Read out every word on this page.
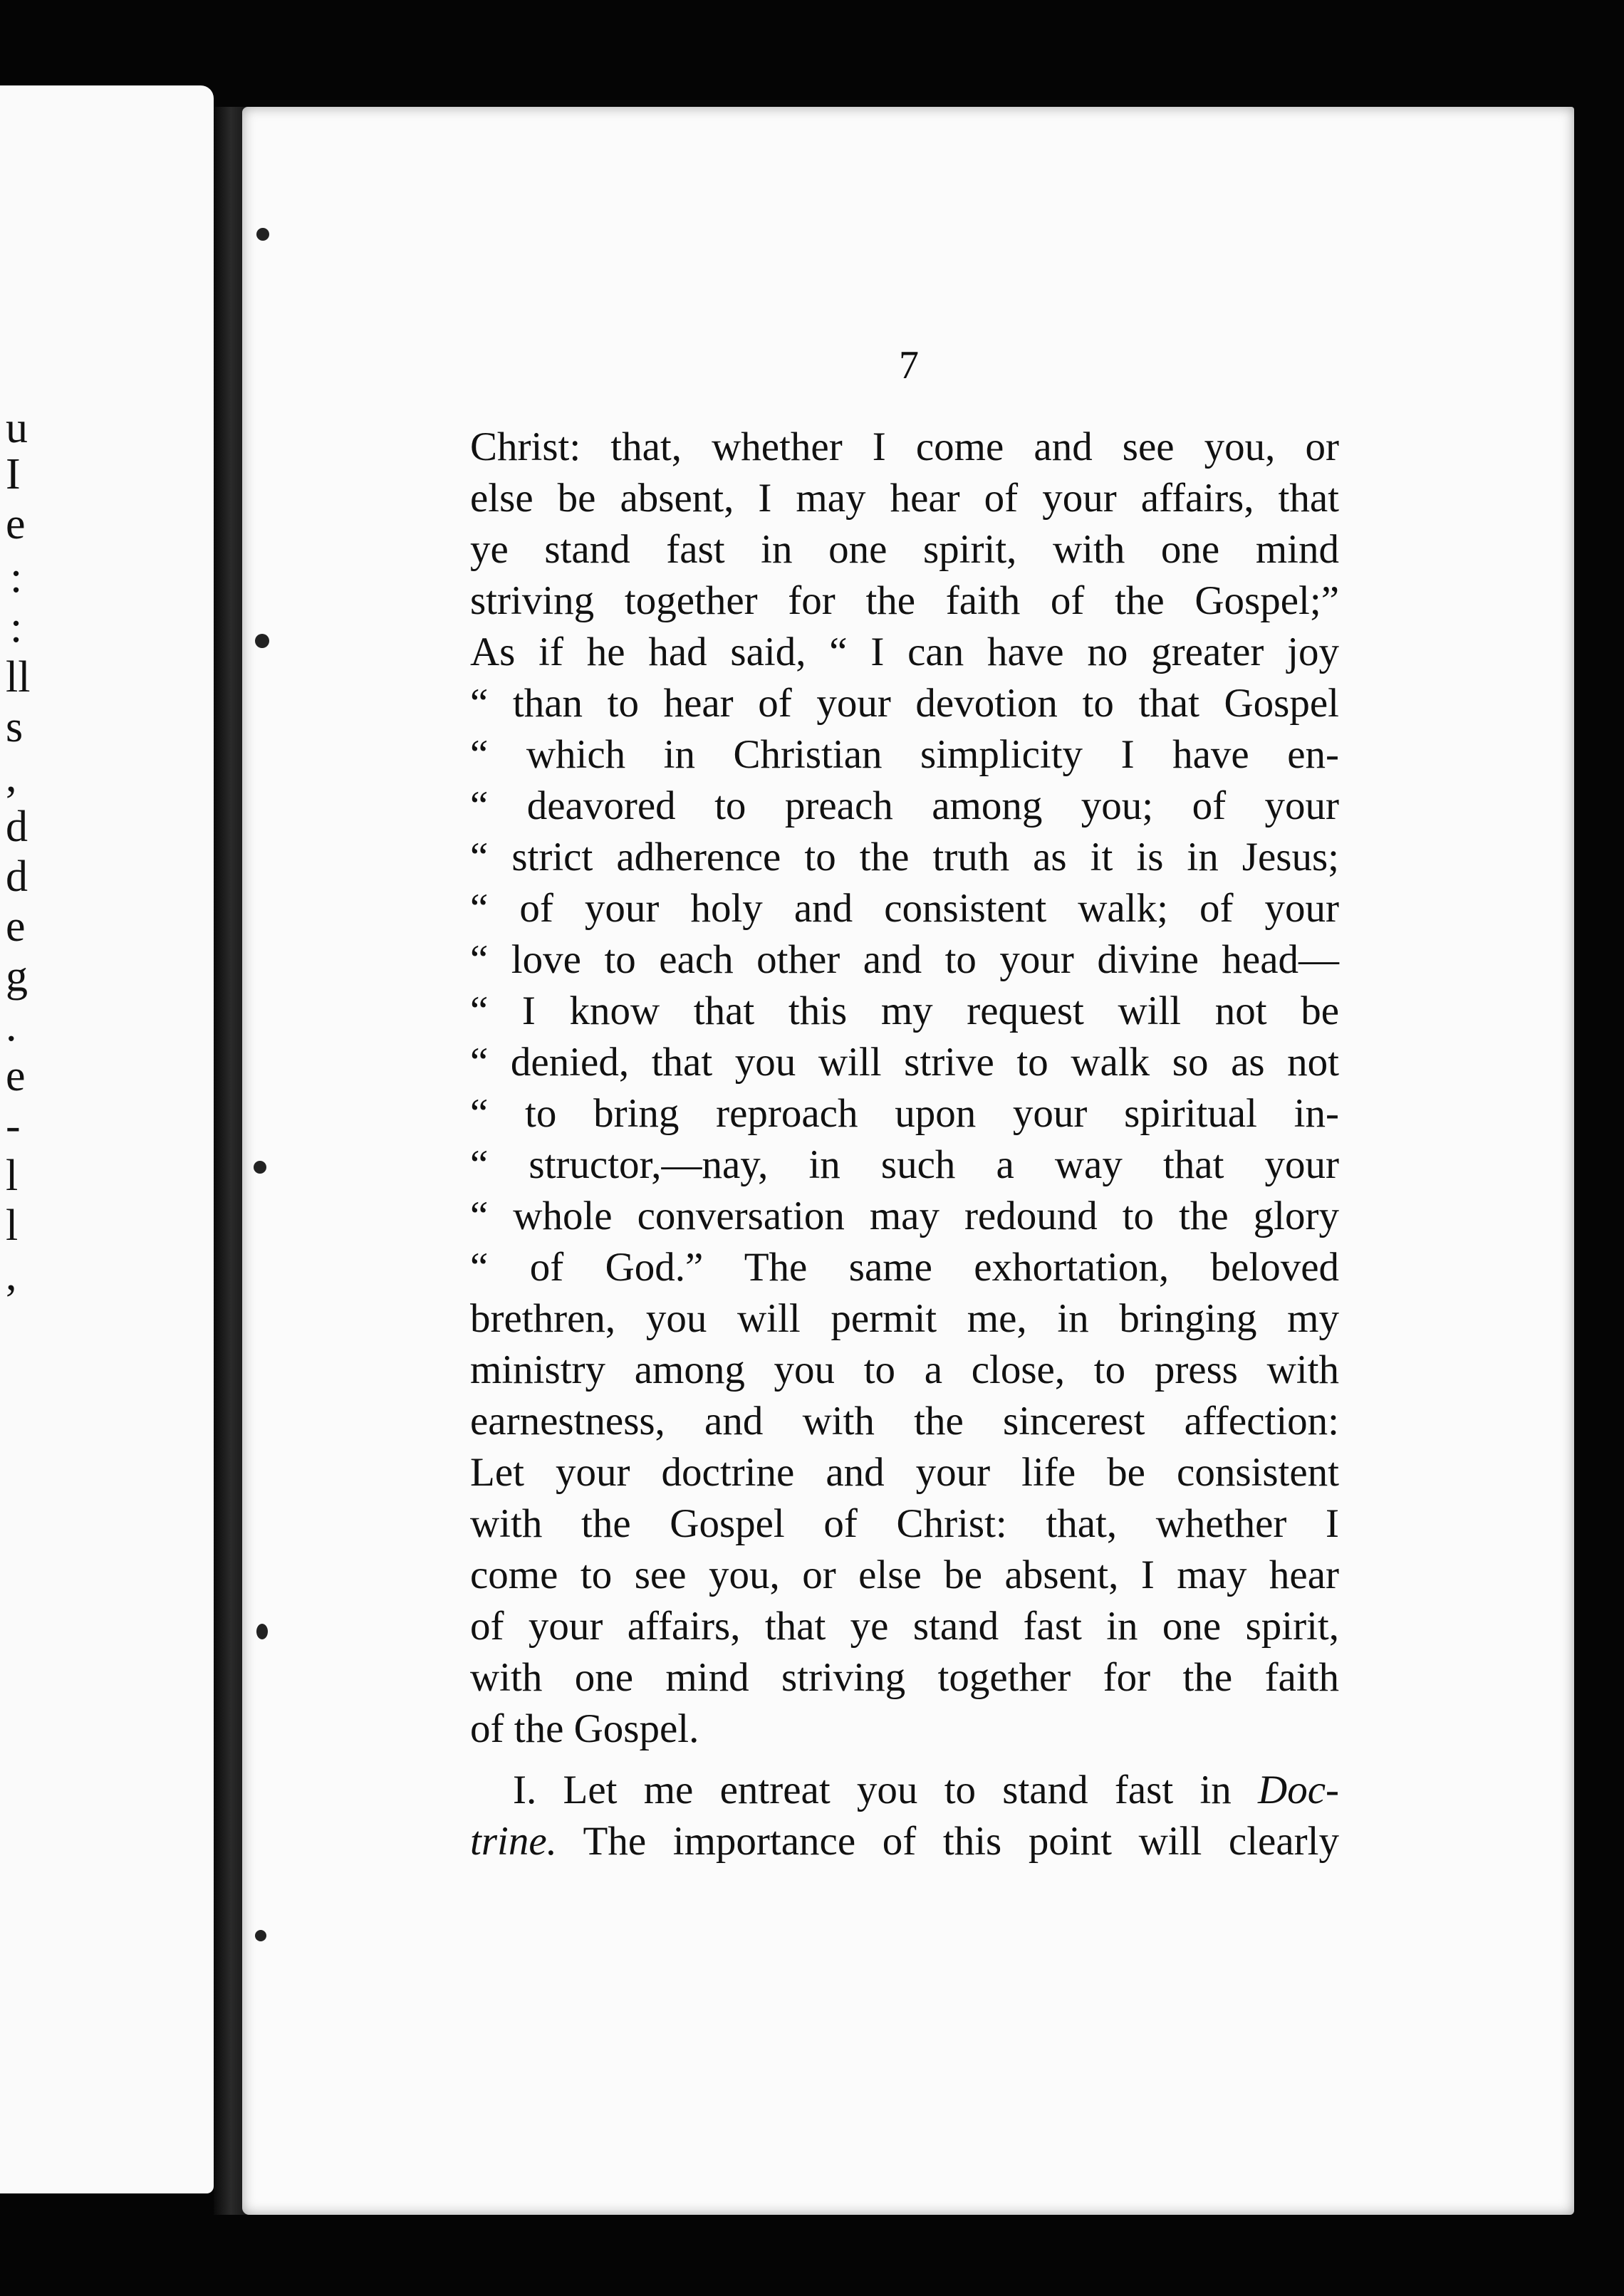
u
I
e
:
:
ll
s
,
d
d
e
g
.
e
-
l
l
,
7
Christ: that, whether I come and see you, or
else be absent, I may hear of your affairs, that
ye stand fast in one spirit, with one mind
striving together for the faith of the Gospel;”
As if he had said, “ I can have no greater joy
“ than to hear of your devotion to that Gospel
“ which in Christian simplicity I have en-
“ deavored to preach among you; of your
“ strict adherence to the truth as it is in Jesus;
“ of your holy and consistent walk; of your
“ love to each other and to your divine head—
“ I know that this my request will not be
“ denied, that you will strive to walk so as not
“ to bring reproach upon your spiritual in-
“ structor,—nay, in such a way that your
“ whole conversation may redound to the glory
“ of God.” The same exhortation, beloved
brethren, you will permit me, in bringing my
ministry among you to a close, to press with
earnestness, and with the sincerest affection:
Let your doctrine and your life be consistent
with the Gospel of Christ: that, whether I
come to see you, or else be absent, I may hear
of your affairs, that ye stand fast in one spirit,
with one mind striving together for the faith
of the Gospel.
I. Let me entreat you to stand fast in Doc-
trine. The importance of this point will clearly
